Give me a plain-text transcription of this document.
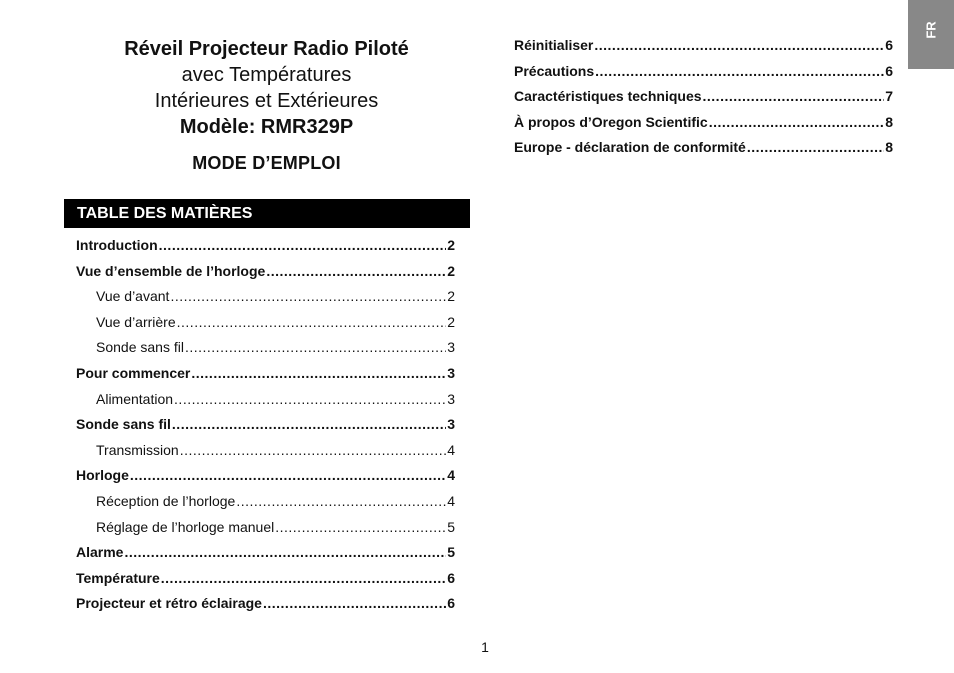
Réveil Projecteur Radio Piloté
avec Températures
Intérieures et Extérieures
Modèle: RMR329P
MODE D’EMPLOI
TABLE DES MATIÈRES
Introduction .....	2
Vue d’ensemble de l’horloge .....	2
Vue d’avant .....	2
Vue d’arrière .....	2
Sonde sans fil .....	3
Pour commencer .....	3
Alimentation .....	3
Sonde sans fil .....	3
Transmission .....	4
Horloge .....	4
Réception de l’horloge .....	4
Réglage de l’horloge manuel .....	5
Alarme .....	5
Température .....	6
Projecteur et rétro éclairage .....	6
Réinitialiser .....	6
Précautions .....	6
Caractéristiques techniques .....	7
À propos d’Oregon Scientific .....	8
Europe - déclaration de conformité .....	8
FR
1
